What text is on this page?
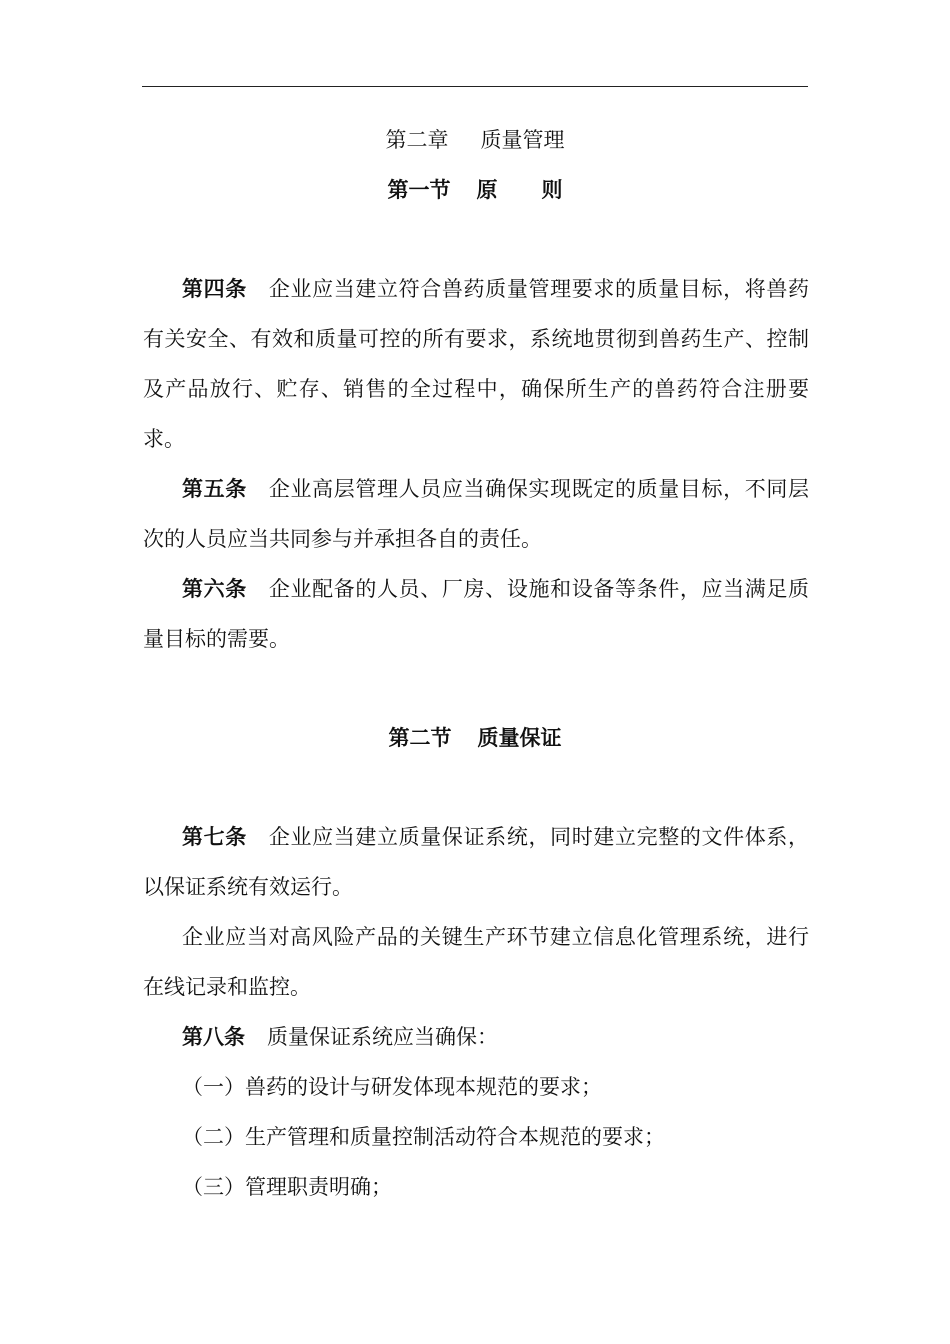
第二章 质量管理
第一节 原 则

第四条 企业应当建立符合兽药质量管理要求的质量目标，将兽药有关安全、有效和质量可控的所有要求，系统地贯彻到兽药生产、控制及产品放行、贮存、销售的全过程中，确保所生产的兽药符合注册要求。

第五条 企业高层管理人员应当确保实现既定的质量目标，不同层次的人员应当共同参与并承担各自的责任。

第六条 企业配备的人员、厂房、设施和设备等条件，应当满足质量目标的需要。

第二节 质量保证

第七条 企业应当建立质量保证系统，同时建立完整的文件体系，以保证系统有效运行。

企业应当对高风险产品的关键生产环节建立信息化管理系统，进行在线记录和监控。

第八条 质量保证系统应当确保：

（一）兽药的设计与研发体现本规范的要求；

（二）生产管理和质量控制活动符合本规范的要求；

（三）管理职责明确；
